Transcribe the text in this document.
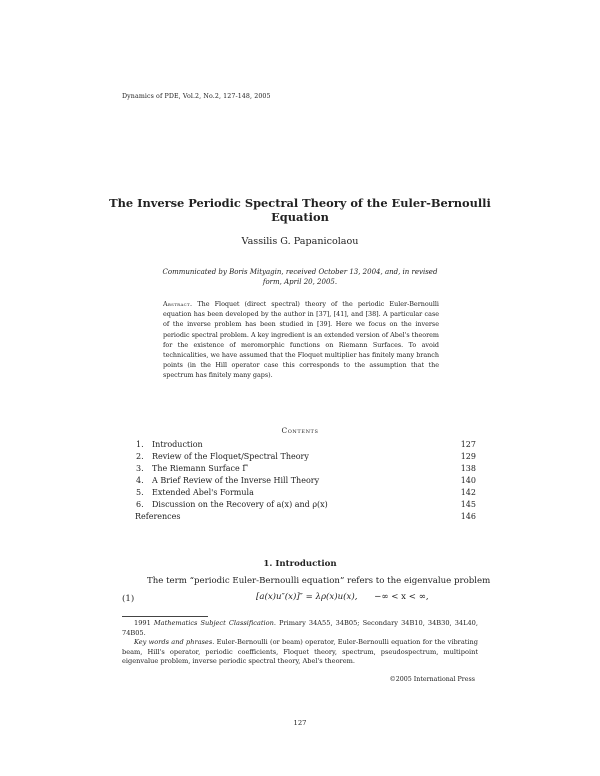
Dynamics of PDE, Vol.2, No.2, 127-148, 2005
The Inverse Periodic Spectral Theory of the Euler-Bernoulli Equation
Vassilis G. Papanicolaou
Communicated by Boris Mityagin, received October 13, 2004, and, in revised form, April 20, 2005.
Abstract. The Floquet (direct spectral) theory of the periodic Euler-Bernoulli equation has been developed by the author in [37], [41], and [38]. A particular case of the inverse problem has been studied in [39]. Here we focus on the inverse periodic spectral problem. A key ingredient is an extended version of Abel's theorem for the existence of meromorphic functions on Riemann Surfaces. To avoid technicalities, we have assumed that the Floquet multiplier has finitely many branch points (in the Hill operator case this corresponds to the assumption that the spectrum has finitely many gaps).
Contents
1. Introduction	127
2. Review of the Floquet/Spectral Theory	129
3. The Riemann Surface Γ̅	138
4. A Brief Review of the Inverse Hill Theory	140
5. Extended Abel's Formula	142
6. Discussion on the Recovery of a(x) and ρ(x)	145
References	146
1. Introduction
The term “periodic Euler-Bernoulli equation” refers to the eigenvalue problem
(1)	[a(x)u″(x)]″ = λρ(x)u(x), −∞ < x < ∞,

1991 Mathematics Subject Classification. Primary 34A55, 34B05; Secondary 34B10, 34B30, 34L40, 74B05.

Key words and phrases. Euler-Bernoulli (or beam) operator, Euler-Bernoulli equation for the vibrating beam, Hill's operator, periodic coefficients, Floquet theory, spectrum, pseudospectrum, multipoint eigenvalue problem, inverse periodic spectral theory, Abel's theorem.

©2005 International Press
127
